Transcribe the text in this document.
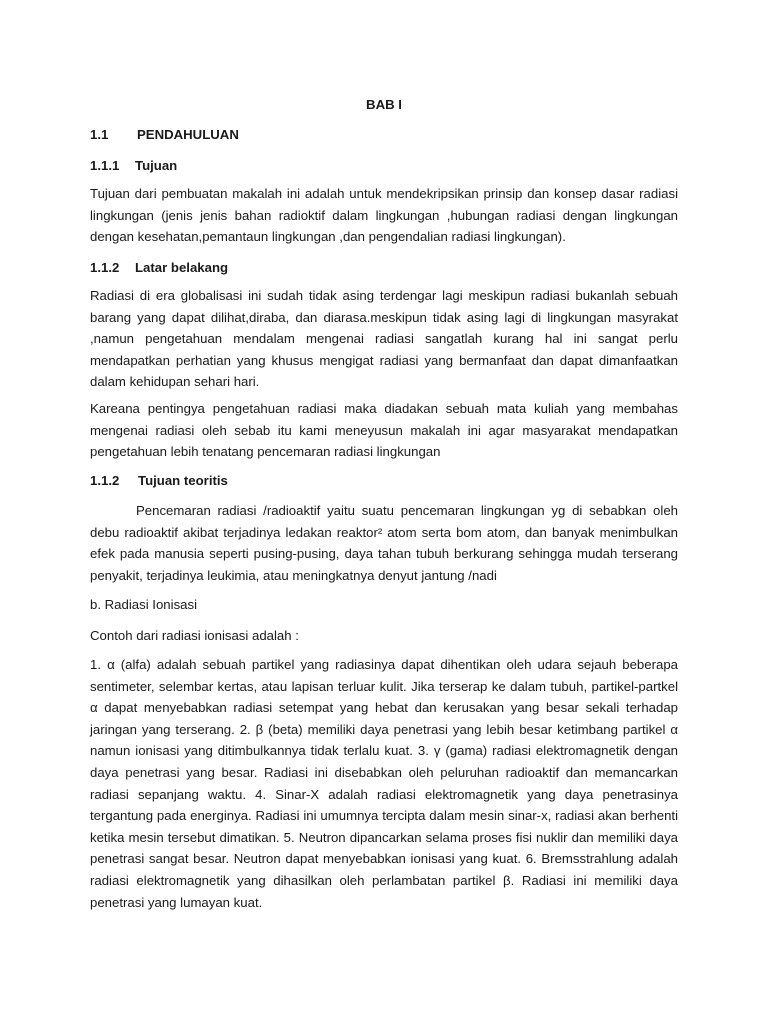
BAB I
1.1 PENDAHULUAN
1.1.1 Tujuan

Tujuan dari pembuatan makalah ini adalah untuk mendekripsikan prinsip dan konsep dasar radiasi lingkungan (jenis jenis bahan radioktif dalam lingkungan ,hubungan radiasi dengan lingkungan dengan kesehatan,pemantaun lingkungan ,dan pengendalian radiasi lingkungan).

1.1.2 Latar belakang

Radiasi di era globalisasi ini sudah tidak asing terdengar lagi meskipun radiasi bukanlah sebuah barang yang dapat dilihat,diraba, dan diarasa.meskipun tidak asing lagi di lingkungan masyrakat ,namun pengetahuan mendalam mengenai radiasi sangatlah kurang hal ini sangat perlu mendapatkan perhatian yang khusus mengigat radiasi yang bermanfaat dan dapat dimanfaatkan dalam kehidupan sehari hari.

Kareana pentingya pengetahuan radiasi maka diadakan sebuah mata kuliah yang membahas mengenai radiasi oleh sebab itu kami meneyusun makalah ini agar masyarakat mendapatkan pengetahuan lebih tenatang pencemaran radiasi lingkungan

1.1.2 Tujuan teoritis

Pencemaran radiasi /radioaktif yaitu suatu pencemaran lingkungan yg di sebabkan oleh debu radioaktif akibat terjadinya ledakan reaktor² atom serta bom atom, dan banyak menimbulkan efek pada manusia seperti pusing-pusing, daya tahan tubuh berkurang sehingga mudah terserang penyakit, terjadinya leukimia, atau meningkatnya denyut jantung /nadi

b. Radiasi Ionisasi

Contoh dari radiasi ionisasi adalah :

1. α (alfa) adalah sebuah partikel yang radiasinya dapat dihentikan oleh udara sejauh beberapa sentimeter, selembar kertas, atau lapisan terluar kulit. Jika terserap ke dalam tubuh, partikel-partkel α dapat menyebabkan radiasi setempat yang hebat dan kerusakan yang besar sekali terhadap jaringan yang terserang. 2. β (beta) memiliki daya penetrasi yang lebih besar ketimbang partikel α namun ionisasi yang ditimbulkannya tidak terlalu kuat. 3. γ (gama) radiasi elektromagnetik dengan daya penetrasi yang besar. Radiasi ini disebabkan oleh peluruhan radioaktif dan memancarkan radiasi sepanjang waktu. 4. Sinar-X adalah radiasi elektromagnetik yang daya penetrasinya tergantung pada energinya. Radiasi ini umumnya tercipta dalam mesin sinar-x, radiasi akan berhenti ketika mesin tersebut dimatikan. 5. Neutron dipancarkan selama proses fisi nuklir dan memiliki daya penetrasi sangat besar. Neutron dapat menyebabkan ionisasi yang kuat. 6. Bremsstrahlung adalah radiasi elektromagnetik yang dihasilkan oleh perlambatan partikel β. Radiasi ini memiliki daya penetrasi yang lumayan kuat.
